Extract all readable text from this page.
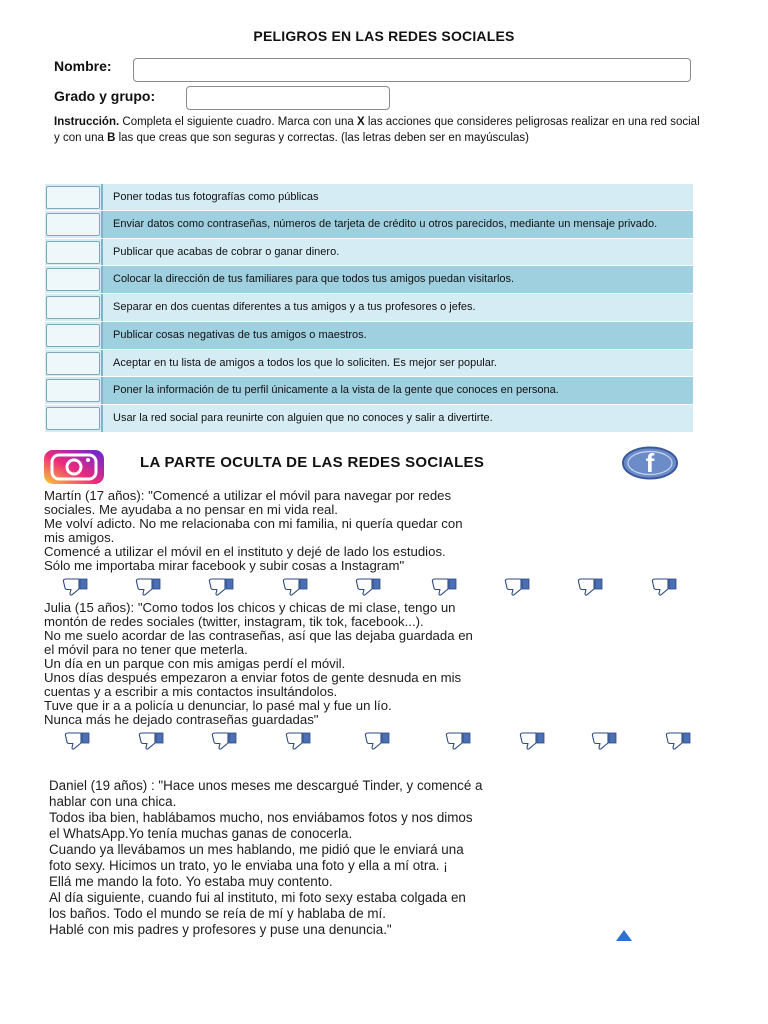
PELIGROS EN LAS REDES SOCIALES
Nombre:
Grado y grupo:
Instrucción. Completa el siguiente cuadro. Marca con una X las acciones que consideres peligrosas realizar en una red social y con una B las que creas que son seguras y correctas. (las letras deben ser en mayúsculas)
Poner todas tus fotografías como públicas
Enviar datos como contraseñas, números de tarjeta de crédito u otros parecidos, mediante un mensaje privado.
Publicar que acabas de cobrar o ganar dinero.
Colocar la dirección de tus familiares para que todos tus amigos puedan visitarlos.
Separar en dos cuentas diferentes a tus amigos y a tus profesores o jefes.
Publicar cosas negativas de tus amigos o maestros.
Aceptar en tu lista de amigos a todos los que lo soliciten. Es mejor ser popular.
Poner la información de tu perfil únicamente a la vista de la gente que conoces en persona.
Usar la red social para reunirte con alguien que no conoces y salir a divertirte.
LA PARTE OCULTA DE LAS REDES SOCIALES	f

Martín (17 años): "Comencé a utilizar el móvil para navegar por redes
sociales. Me ayudaba a no pensar en mi vida real.
Me volví adicto. No me relacionaba con mi familia, ni quería quedar con
mis amigos.
Comencé a utilizar el móvil en el instituto y dejé de lado los estudios.
Sólo me importaba mirar facebook y subir cosas a Instagram"

Julia (15 años): "Como todos los chicos y chicas de mi clase, tengo un
montón de redes sociales (twitter, instagram, tik tok, facebook...).
No me suelo acordar de las contraseñas, así que las dejaba guardada en
el móvil para no tener que meterla.
Un día en un parque con mis amigas perdí el móvil.
Unos días después empezaron a enviar fotos de gente desnuda en mis
cuentas y a escribir a mis contactos insultándolos.
Tuve que ir a a policía u denunciar, lo pasé mal y fue un lío.
Nunca más he dejado contraseñas guardadas"

Daniel (19 años) : "Hace unos meses me descargué Tinder, y comencé a
hablar con una chica.
Todos iba bien, hablábamos mucho, nos enviábamos fotos y nos dimos
el WhatsApp.Yo tenía muchas ganas de conocerla.
Cuando ya llevábamos un mes hablando, me pidió que le enviará una
foto sexy. Hicimos un trato, yo le enviaba una foto y ella a mí otra. ¡
Ellá me mando la foto. Yo estaba muy contento.
Al día siguiente, cuando fui al instituto, mi foto sexy estaba colgada en
los baños. Todo el mundo se reía de mí y hablaba de mí.
Hablé con mis padres y profesores y puse una denuncia."
